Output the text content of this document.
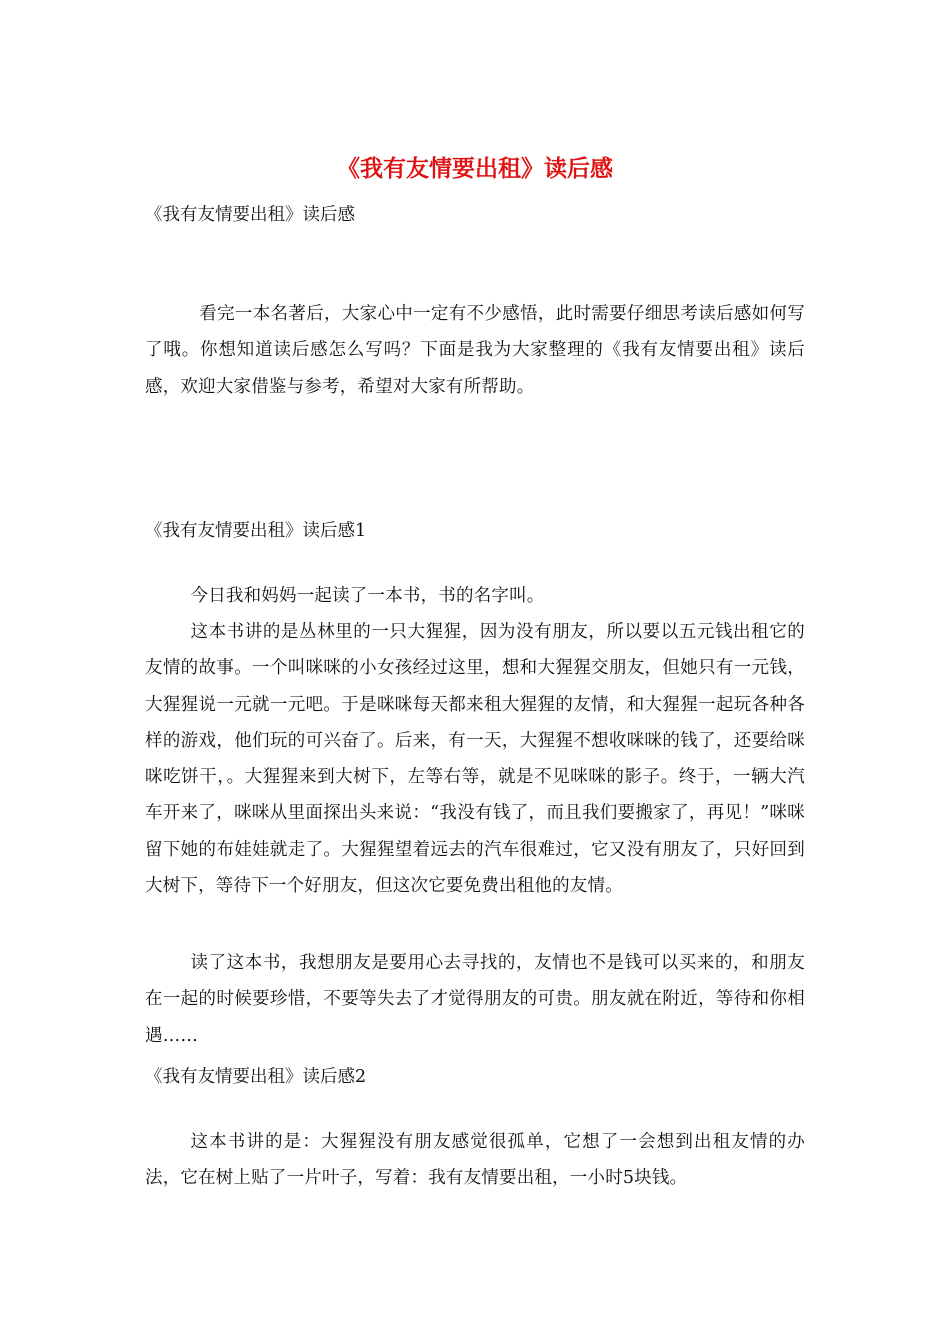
《我有友情要出租》读后感
《我有友情要出租》读后感
看完一本名著后，大家心中一定有不少感悟，此时需要仔细思考读后感如何写了哦。你想知道读后感怎么写吗？下面是我为大家整理的《我有友情要出租》读后感，欢迎大家借鉴与参考，希望对大家有所帮助。
《我有友情要出租》读后感1
今日我和妈妈一起读了一本书，书的名字叫。
这本书讲的是丛林里的一只大猩猩，因为没有朋友，所以要以五元钱出租它的友情的故事。一个叫咪咪的小女孩经过这里，想和大猩猩交朋友，但她只有一元钱，大猩猩说一元就一元吧。于是咪咪每天都来租大猩猩的友情，和大猩猩一起玩各种各样的游戏，他们玩的可兴奋了。后来，有一天，大猩猩不想收咪咪的钱了，还要给咪咪吃饼干，。大猩猩来到大树下，左等右等，就是不见咪咪的影子。终于，一辆大汽车开来了，咪咪从里面探出头来说：“我没有钱了，而且我们要搬家了，再见！”咪咪留下她的布娃娃就走了。大猩猩望着远去的汽车很难过，它又没有朋友了，只好回到大树下，等待下一个好朋友，但这次它要免费出租他的友情。
读了这本书，我想朋友是要用心去寻找的，友情也不是钱可以买来的，和朋友在一起的时候要珍惜，不要等失去了才觉得朋友的可贵。朋友就在附近，等待和你相遇……
《我有友情要出租》读后感2
这本书讲的是：大猩猩没有朋友感觉很孤单，它想了一会想到出租友情的办法，它在树上贴了一片叶子，写着：我有友情要出租，一小时5块钱。
